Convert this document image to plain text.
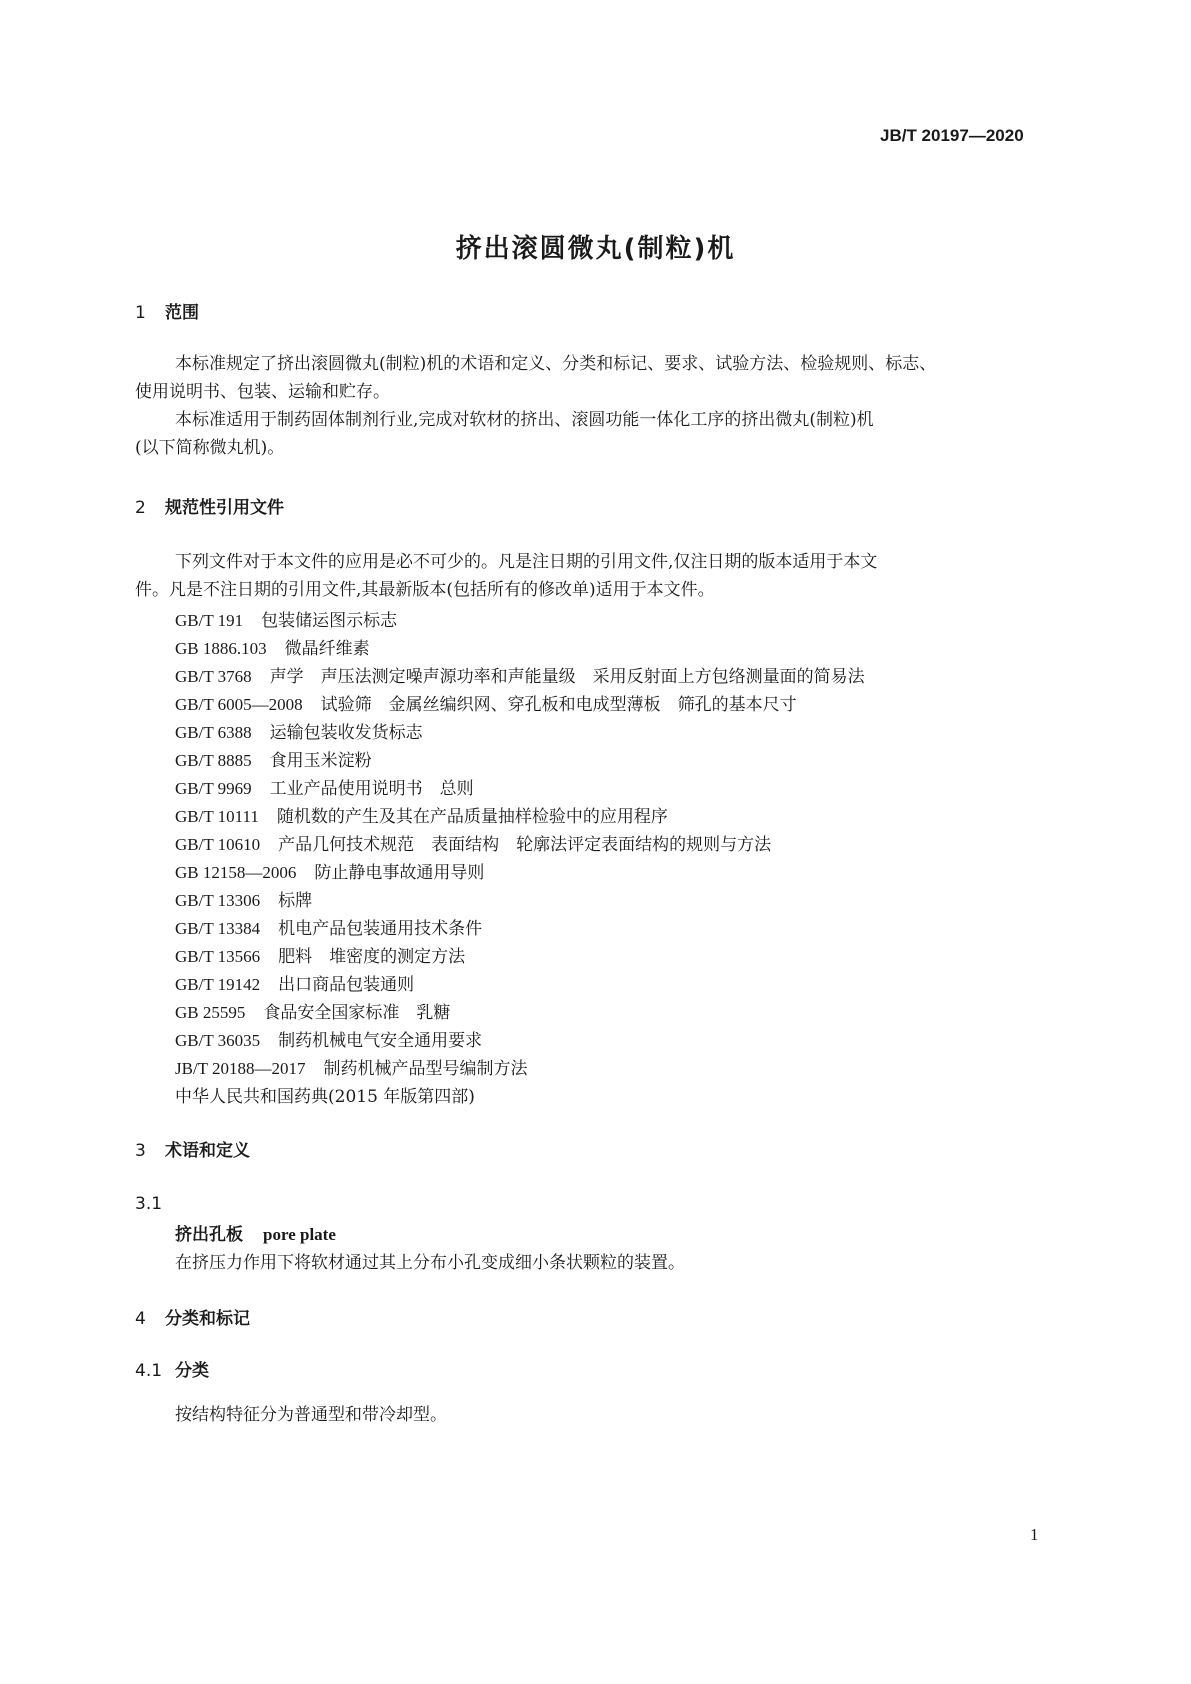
JB/T 20197—2020
挤出滚圆微丸(制粒)机
1 范围
本标准规定了挤出滚圆微丸(制粒)机的术语和定义、分类和标记、要求、试验方法、检验规则、标志、
使用说明书、包装、运输和贮存。
本标准适用于制药固体制剂行业,完成对软材的挤出、滚圆功能一体化工序的挤出微丸(制粒)机
(以下简称微丸机)。
2 规范性引用文件
下列文件对于本文件的应用是必不可少的。凡是注日期的引用文件,仅注日期的版本适用于本文
件。凡是不注日期的引用文件,其最新版本(包括所有的修改单)适用于本文件。
GB/T 191 包装储运图示标志
GB 1886.103 微晶纤维素
GB/T 3768 声学　声压法测定噪声源功率和声能量级　采用反射面上方包络测量面的简易法
GB/T 6005—2008 试验筛　金属丝编织网、穿孔板和电成型薄板　筛孔的基本尺寸
GB/T 6388 运输包装收发货标志
GB/T 8885 食用玉米淀粉
GB/T 9969 工业产品使用说明书　总则
GB/T 10111 随机数的产生及其在产品质量抽样检验中的应用程序
GB/T 10610 产品几何技术规范　表面结构　轮廓法评定表面结构的规则与方法
GB 12158—2006 防止静电事故通用导则
GB/T 13306 标牌
GB/T 13384 机电产品包装通用技术条件
GB/T 13566 肥料　堆密度的测定方法
GB/T 19142 出口商品包装通则
GB 25595 食品安全国家标准　乳糖
GB/T 36035 制药机械电气安全通用要求
JB/T 20188—2017 制药机械产品型号编制方法
中华人民共和国药典(2015 年版第四部)
3 术语和定义
3.1
挤出孔板 pore plate
在挤压力作用下将软材通过其上分布小孔变成细小条状颗粒的装置。
4 分类和标记
4.1 分类
按结构特征分为普通型和带冷却型。
1
